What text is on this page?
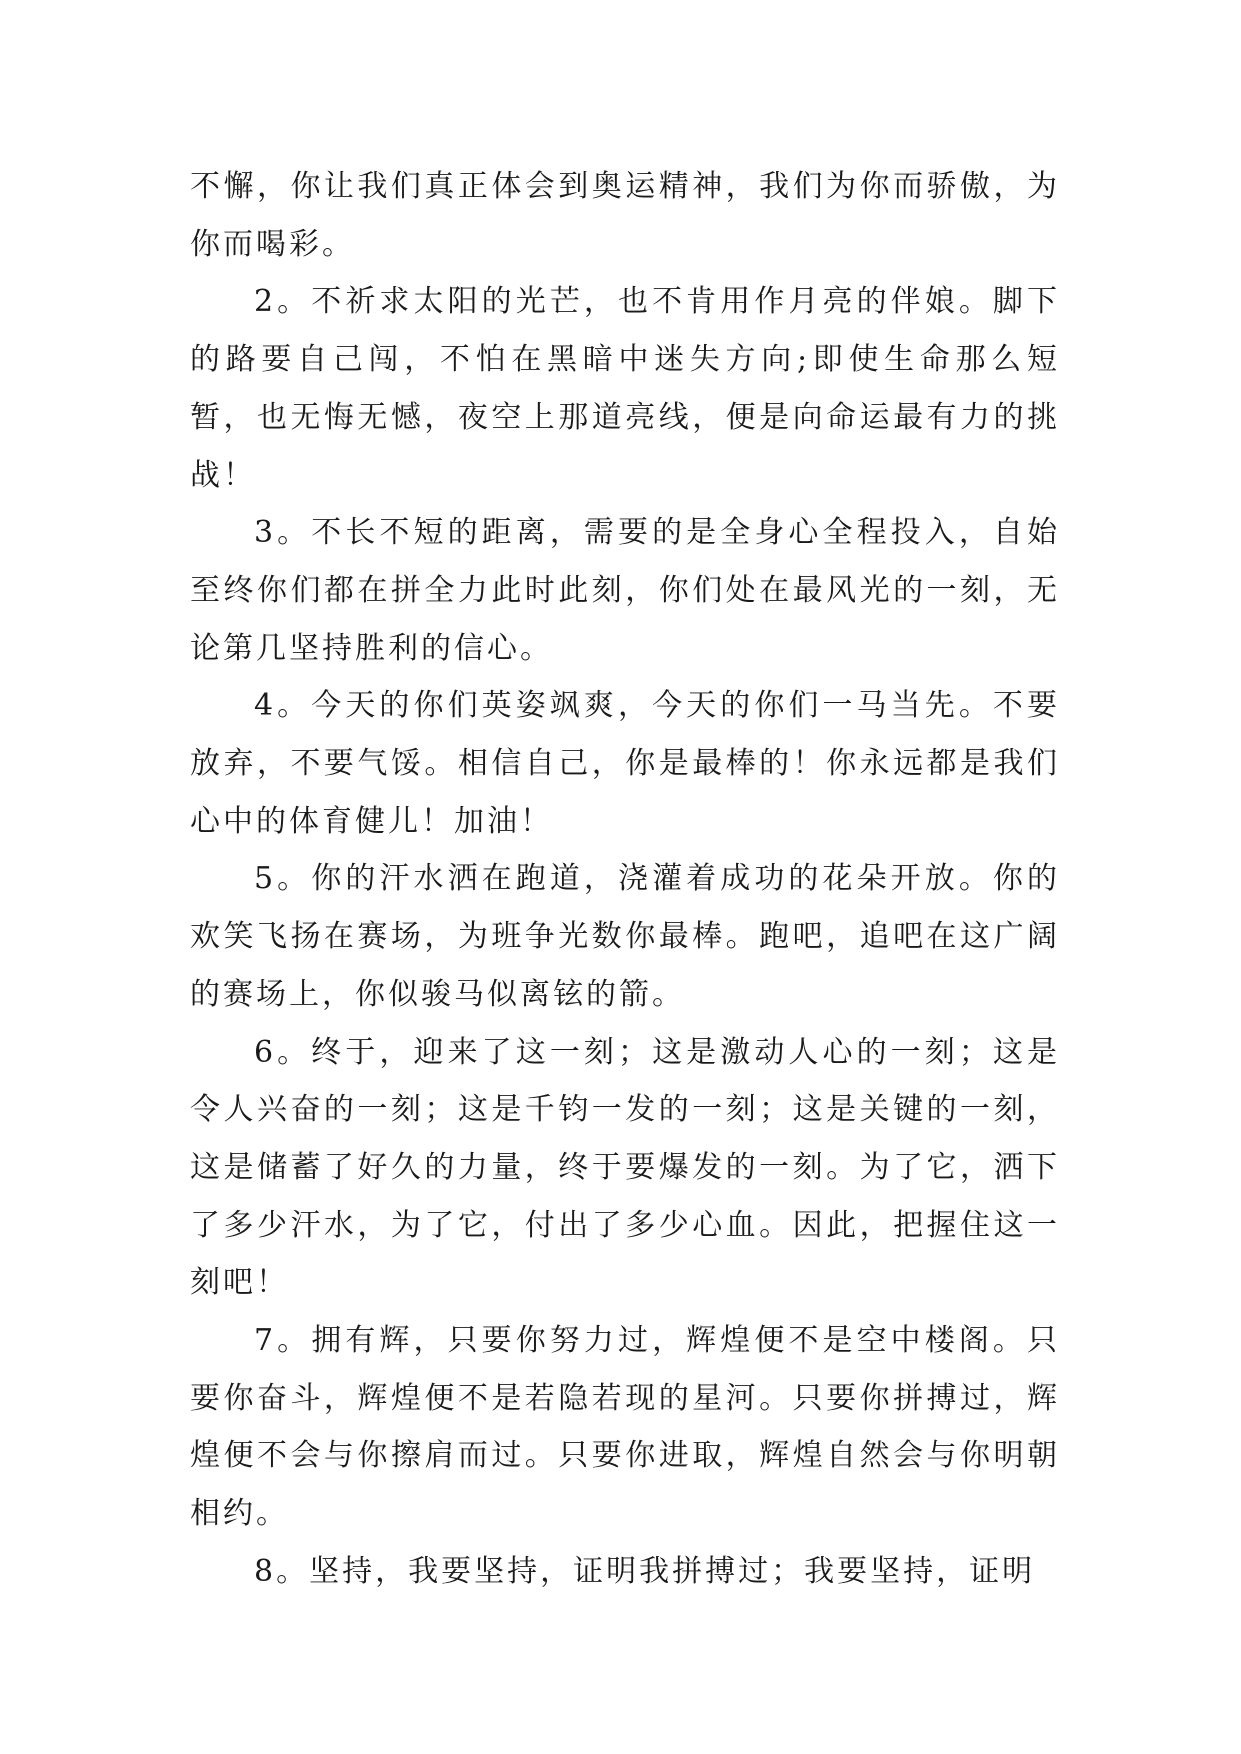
不懈，你让我们真正体会到奥运精神，我们为你而骄傲，为你而喝彩。

2。不祈求太阳的光芒，也不肯用作月亮的伴娘。脚下的路要自己闯，不怕在黑暗中迷失方向;即使生命那么短暂，也无悔无憾，夜空上那道亮线，便是向命运最有力的挑战！

3。不长不短的距离，需要的是全身心全程投入，自始至终你们都在拼全力此时此刻，你们处在最风光的一刻，无论第几坚持胜利的信心。

4。今天的你们英姿飒爽，今天的你们一马当先。不要放弃，不要气馁。相信自己，你是最棒的！你永远都是我们心中的体育健儿！加油！

5。你的汗水洒在跑道，浇灌着成功的花朵开放。你的欢笑飞扬在赛场，为班争光数你最棒。跑吧，追吧在这广阔的赛场上，你似骏马似离铉的箭。

6。终于，迎来了这一刻；这是激动人心的一刻；这是令人兴奋的一刻；这是千钧一发的一刻；这是关键的一刻，这是储蓄了好久的力量，终于要爆发的一刻。为了它，洒下了多少汗水，为了它，付出了多少心血。因此，把握住这一刻吧！

7。拥有辉，只要你努力过，辉煌便不是空中楼阁。只要你奋斗，辉煌便不是若隐若现的星河。只要你拼搏过，辉煌便不会与你擦肩而过。只要你进取，辉煌自然会与你明朝相约。

8。坚持，我要坚持，证明我拼搏过；我要坚持，证明
